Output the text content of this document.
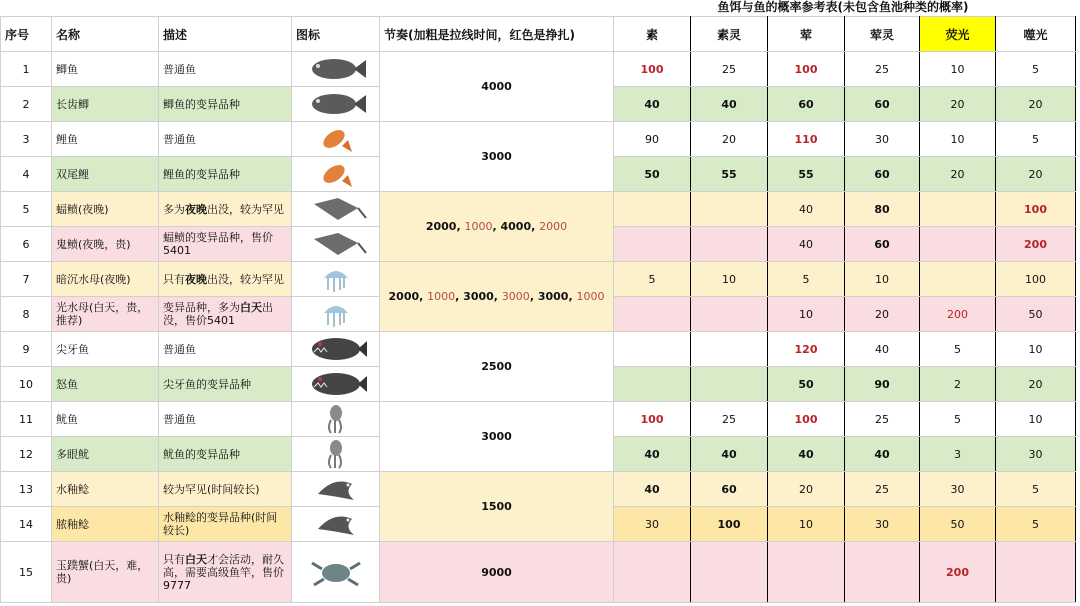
鱼饵与鱼的概率参考表(未包含鱼池种类的概率)
序号	名称	描述	图标	节奏(加粗是拉线时间，红色是挣扎)	素	素灵	荤	荤灵	荧光	噬光
1	鲫鱼	普通鱼		4000	100	25	100	25	10	5
2	长齿鲫	鲫鱼的变异品种			40	40	60	60	20	20
3	鲤鱼	普通鱼		3000	90	20	110	30	10	5
4	双尾鲤	鲤鱼的变异品种			50	55	55	60	20	20
5	蝠鲼(夜晚)	多为夜晚出没，较为罕见		2000, 1000, 4000, 2000			40	80		100
6	鬼鲼(夜晚，贵)	蝠鲼的变异品种，售价5401					40	60		200
7	暗沉水母(夜晚)	只有夜晚出没，较为罕见		2000, 1000, 3000, 3000, 3000, 1000	5	10	5	10		100
8	光水母(白天，贵，推荐)	变异品种，多为白天出没，售价5401					10	20	200	50
9	尖牙鱼	普通鱼		2500			120	40	5	10
10	怒鱼	尖牙鱼的变异品种					50	90	2	20
11	鱿鱼	普通鱼		3000	100	25	100	25	5	10
12	多眼鱿	鱿鱼的变异品种			40	40	40	40	3	30
13	水釉鲶	较为罕见(时间较长)		1500	40	60	20	25	30	5
14	脓釉鲶	水釉鲶的变异品种(时间较长)			30	100	10	30	50	5
15	玉蹼蟹(白天，难，贵)	只有白天才会活动，耐久高，需要高级鱼竿，售价9777		9000					200	
